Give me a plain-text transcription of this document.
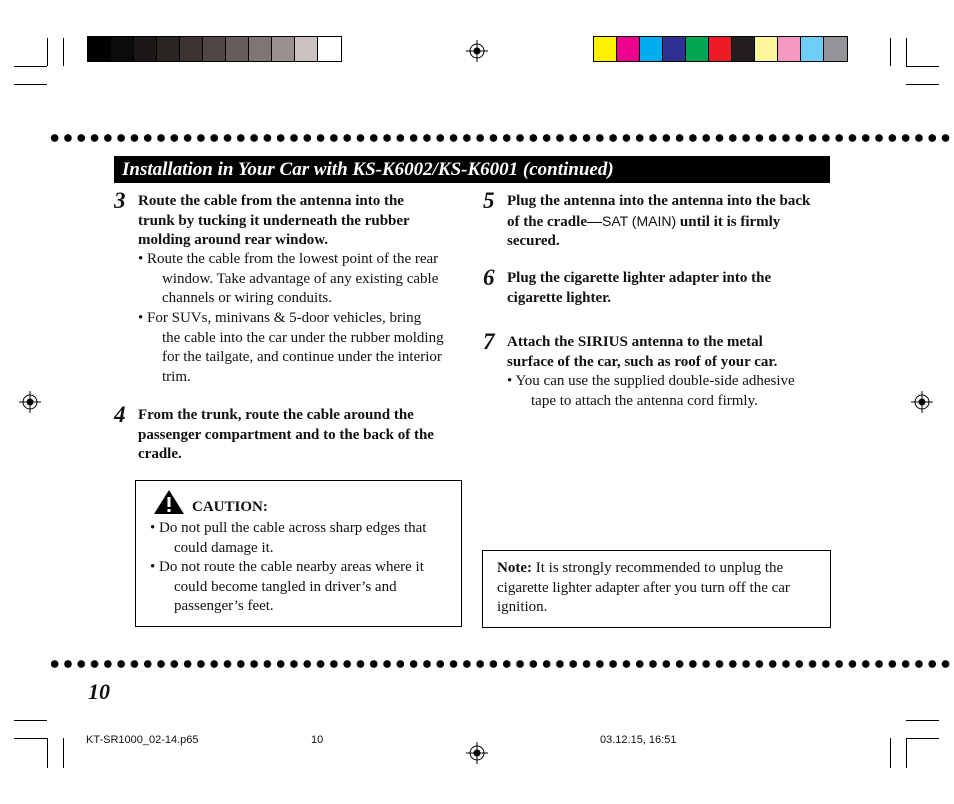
Installation in Your Car with KS-K6002/KS-K6001 (continued)
3 Route the cable from the antenna into the
trunk by tucking it underneath the rubber
molding around rear window.
• Route the cable from the lowest point of the rear
window. Take advantage of any existing cable
channels or wiring conduits.
• For SUVs, minivans & 5-door vehicles, bring
the cable into the car under the rubber molding
for the tailgate, and continue under the interior
trim.
4 From the trunk, route the cable around the
passenger compartment and to the back of the
cradle.
CAUTION:
• Do not pull the cable across sharp edges that
could damage it.
• Do not route the cable nearby areas where it
could become tangled in driver’s and
passenger’s feet.
5 Plug the antenna into the antenna into the back
of the cradle—SAT (MAIN) until it is firmly
secured.
6 Plug the cigarette lighter adapter into the
cigarette lighter.
7 Attach the SIRIUS antenna to the metal
surface of the car, such as roof of your car.
• You can use the supplied double-side adhesive
tape to attach the antenna cord firmly.
Note: It is strongly recommended to unplug the
cigarette lighter adapter after you turn off the car
ignition.
10
KT-SR1000_02-14.p65	10	03.12.15, 16:51
